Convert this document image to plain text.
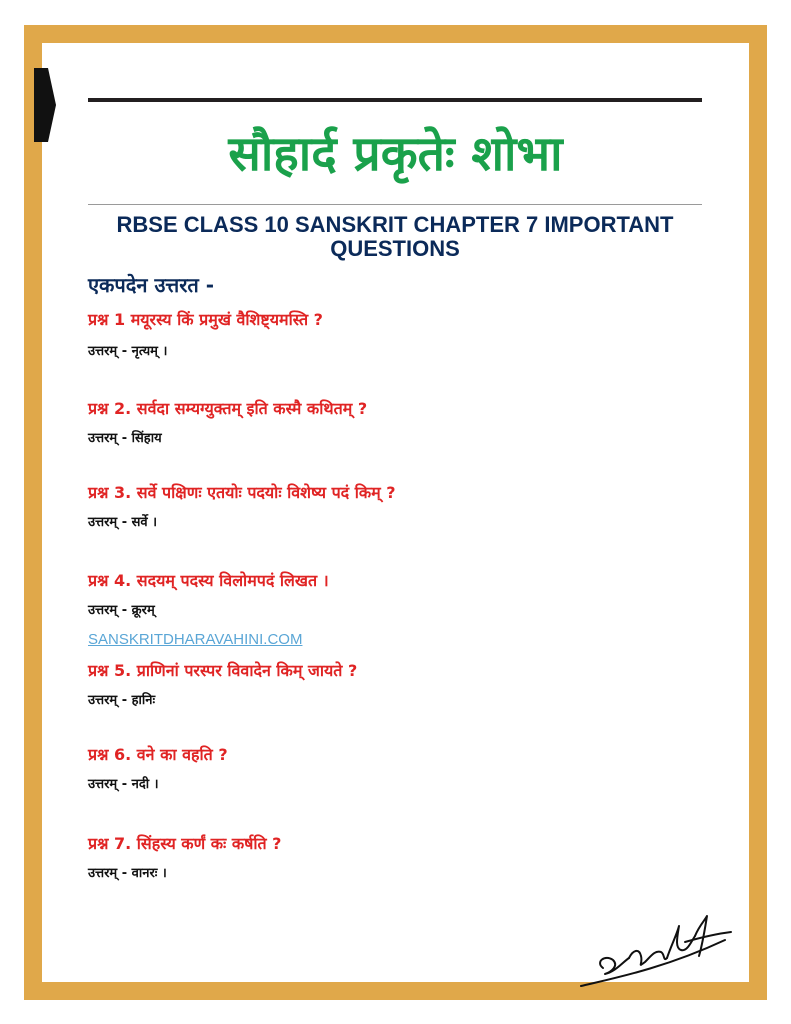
सौहार्द प्रकृतेः शोभा
RBSE CLASS 10 SANSKRIT CHAPTER 7 IMPORTANT QUESTIONS
एकपदेन उत्तरत -
प्रश्न 1 मयूरस्य किं प्रमुखं वैशिष्ट्यमस्ति ?
उत्तरम् - नृत्यम् ।
प्रश्न 2. सर्वदा सम्यग्युक्तम् इति कस्मै कथितम् ?
उत्तरम् - सिंहाय
प्रश्न 3. सर्वे पक्षिणः एतयोः पदयोः विशेष्य पदं किम् ?
उत्तरम् - सर्वे ।
प्रश्न 4. सदयम् पदस्य विलोमपदं लिखत ।
उत्तरम् - क्रूरम्
SANSKRITDHARAVAHINI.COM
प्रश्न 5. प्राणिनां परस्पर विवादेन किम् जायते ?
उत्तरम् - हानिः
प्रश्न 6. वने का वहति ?
उत्तरम् - नदी ।
प्रश्न 7. सिंहस्य कर्णं कः कर्षति ?
उत्तरम् - वानरः ।
